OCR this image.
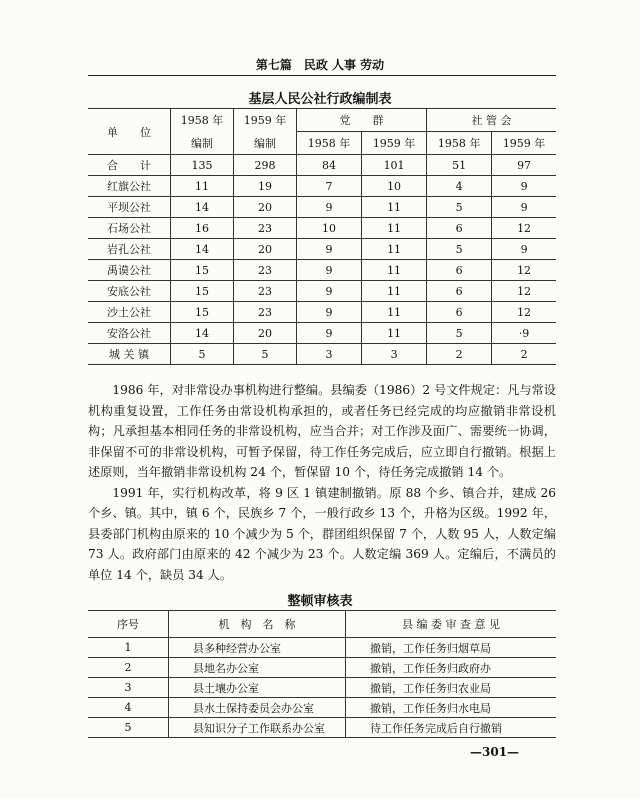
第七篇　民政 人事 劳动
基层人民公社行政编制表
单　　位	1958 年	1959 年	党　　群		社 管 会	
	编制	编制	1958 年	1959 年	1958 年	1959 年
合　　计	135	298	84	101	51	97
红旗公社	11	19	7	10	4	9
平坝公社	14	20	9	11	5	9
石场公社	16	23	10	11	6	12
岩孔公社	14	20	9	11	5	9
禹谟公社	15	23	9	11	6	12
安底公社	15	23	9	11	6	12
沙土公社	15	23	9	11	6	12
安洛公社	14	20	9	11	5	·9
城 关 镇	5	5	3	3	2	2

1986 年，对非常设办事机构进行整编。县编委（1986）2 号文件规定：凡与常设机构重复设置，工作任务由常设机构承担的，或者任务已经完成的均应撤销非常设机构；凡承担基本相同任务的非常设机构，应当合并；对工作涉及面广、需要统一协调，非保留不可的非常设机构，可暂予保留，待工作任务完成后，应立即自行撤销。根据上述原则，当年撤销非常设机构 24 个，暂保留 10 个，待任务完成撤销 14 个。

1991 年，实行机构改革，将 9 区 1 镇建制撤销。原 88 个乡、镇合并，建成 26 个乡、镇。其中，镇 6 个，民族乡 7 个，一般行政乡 13 个，升格为区级。1992 年，县委部门机构由原来的 10 个减少为 5 个，群团组织保留 7 个，人数 95 人，人数定编 73 人。政府部门由原来的 42 个减少为 23 个。人数定编 369 人。定编后，不满员的单位 14 个，缺员 34 人。

整顿审核表
序号	机　构　名　称	县 编 委 审 查 意 见
1	县多种经营办公室	撤销，工作任务归烟草局
2	县地名办公室	撤销，工作任务归政府办
3	县土壤办公室	撤销，工作任务归农业局
4	县水土保持委员会办公室	撤销，工作任务归水电局
5	县知识分子工作联系办公室	待工作任务完成后自行撤销
—301—
